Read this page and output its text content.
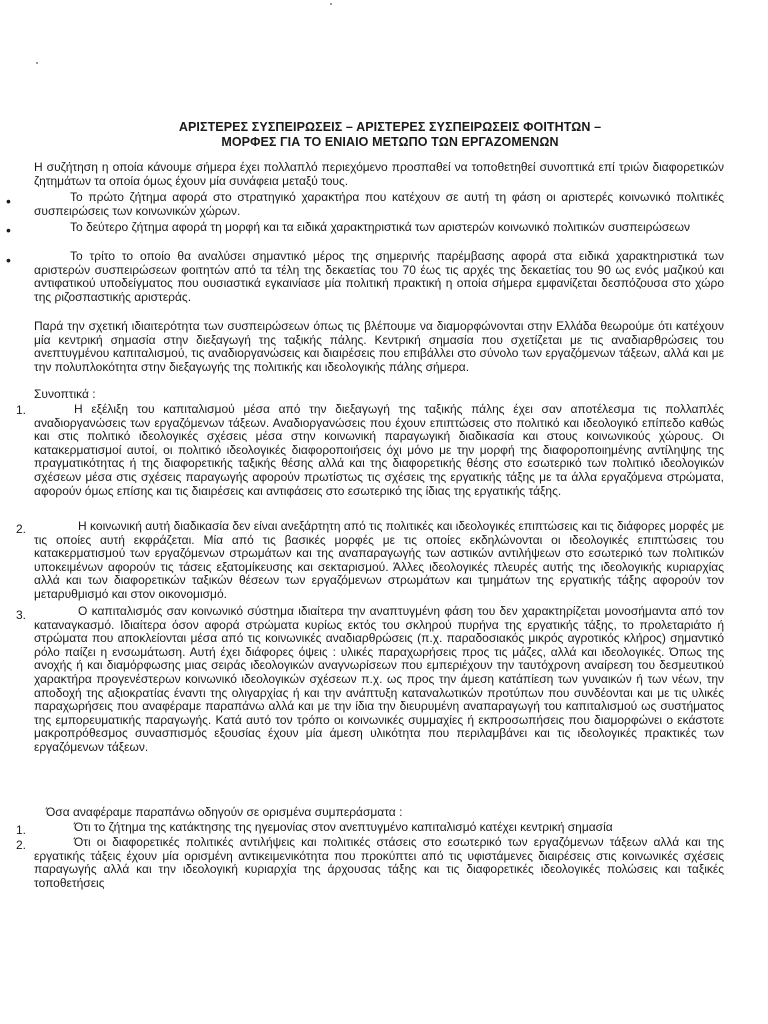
ΑΡΙΣΤΕΡΕΣ ΣΥΣΠΕΙΡΩΣΕΙΣ – ΑΡΙΣΤΕΡΕΣ ΣΥΣΠΕΙΡΩΣΕΙΣ ΦΟΙΤΗΤΩΝ –
ΜΟΡΦΕΣ ΓΙΑ ΤΟ ΕΝΙΑΙΟ ΜΕΤΩΠΟ ΤΩΝ ΕΡΓΑΖΟΜΕΝΩΝ
Η συζήτηση η οποία κάνουμε σήμερα έχει πολλαπλό περιεχόμενο προσπαθεί να τοποθετηθεί συνοπτικά επί τριών διαφορετικών ζητημάτων τα οποία όμως έχουν μία συνάφεια μεταξύ τους.
•	Το πρώτο ζήτημα αφορά στο στρατηγικό χαρακτήρα που κατέχουν σε αυτή τη φάση οι αριστερές κοινωνικό πολιτικές συσπειρώσεις των κοινωνικών χώρων.
•	Το δεύτερο ζήτημα αφορά τη μορφή και τα ειδικά χαρακτηριστικά των αριστερών κοινωνικό πολιτικών συσπειρώσεων
•	Το τρίτο το οποίο θα αναλύσει σημαντικό μέρος της σημερινής παρέμβασης αφορά στα ειδικά χαρακτηριστικά των αριστερών συσπειρώσεων φοιτητών από τα τέλη της δεκαετίας του 70 έως τις αρχές της δεκαετίας του 90 ως ενός μαζικού και αντιφατικού υποδείγματος που ουσιαστικά εγκαινίασε μία πολιτική πρακτική η οποία σήμερα εμφανίζεται δεσπόζουσα στο χώρο της ριζοσπαστικής αριστεράς.
Παρά την σχετική ιδιαιτερότητα των συσπειρώσεων όπως τις βλέπουμε να διαμορφώνονται στην Ελλάδα θεωρούμε ότι κατέχουν μία κεντρική σημασία στην διεξαγωγή της ταξικής πάλης. Κεντρική σημασία που σχετίζεται με τις αναδιαρθρώσεις του ανεπτυγμένου καπιταλισμού, τις αναδιοργανώσεις και διαιρέσεις που επιβάλλει στο σύνολο των εργαζόμενων τάξεων, αλλά και με την πολυπλοκότητα στην διεξαγωγής της πολιτικής και ιδεολογικής πάλης σήμερα.
Συνοπτικά :
1.	Η εξέλιξη του καπιταλισμού μέσα από την διεξαγωγή της ταξικής πάλης έχει σαν αποτέλεσμα τις πολλαπλές αναδιοργανώσεις των εργαζόμενων τάξεων. Αναδιοργανώσεις που έχουν επιπτώσεις στο πολιτικό και ιδεολογικό επίπεδο καθώς και στις πολιτικό ιδεολογικές σχέσεις μέσα στην κοινωνική παραγωγική διαδικασία και στους κοινωνικούς χώρους. Οι κατακερματισμοί αυτοί, οι πολιτικό ιδεολογικές διαφοροποιήσεις όχι μόνο με την μορφή της διαφοροποιημένης αντίληψης της πραγματικότητας ή της διαφορετικής ταξικής θέσης αλλά και της διαφορετικής θέσης στο εσωτερικό των πολιτικό ιδεολογικών σχέσεων μέσα στις σχέσεις παραγωγής αφορούν πρωτίστως τις σχέσεις της εργατικής τάξης με τα άλλα εργαζόμενα στρώματα, αφορούν όμως επίσης και τις διαιρέσεις και αντιφάσεις στο εσωτερικό της ίδιας της εργατικής τάξης.
2.	Η κοινωνική αυτή διαδικασία δεν είναι ανεξάρτητη από τις πολιτικές και ιδεολογικές επιπτώσεις και τις διάφορες μορφές με τις οποίες αυτή εκφράζεται. Μία από τις βασικές μορφές με τις οποίες εκδηλώνονται οι ιδεολογικές επιπτώσεις του κατακερματισμού των εργαζόμενων στρωμάτων και της αναπαραγωγής των αστικών αντιλήψεων στο εσωτερικό των πολιτικών υποκειμένων αφορούν τις τάσεις εξατομίκευσης και σεκταρισμού. Άλλες ιδεολογικές πλευρές αυτής της ιδεολογικής κυριαρχίας αλλά και των διαφορετικών ταξικών θέσεων των εργαζόμενων στρωμάτων και τμημάτων της εργατικής τάξης αφορούν τον μεταρυθμισμό και στον οικονομισμό.
3.	Ο καπιταλισμός σαν κοινωνικό σύστημα ιδιαίτερα την αναπτυγμένη φάση του δεν χαρακτηρίζεται μονοσήμαντα από τον καταναγκασμό. Ιδιαίτερα όσον αφορά στρώματα κυρίως εκτός του σκληρού πυρήνα της εργατικής τάξης, το προλεταριάτο ή στρώματα που αποκλείονται μέσα από τις κοινωνικές αναδιαρθρώσεις (π.χ. παραδοσιακός μικρός αγροτικός κλήρος) σημαντικό ρόλο παίζει η ενσωμάτωση. Αυτή έχει διάφορες όψεις : υλικές παραχωρήσεις προς τις μάζες, αλλά και ιδεολογικές. Όπως της ανοχής ή και διαμόρφωσης μιας σειράς ιδεολογικών αναγνωρίσεων που εμπεριέχουν την ταυτόχρονη αναίρεση του δεσμευτικού χαρακτήρα προγενέστερων κοινωνικό ιδεολογικών σχέσεων π.χ. ως προς την άμεση κατάπίεση των γυναικών ή των νέων, την αποδοχή της αξιοκρατίας έναντι της ολιγαρχίας ή και την ανάπτυξη καταναλωτικών προτύπων που συνδέονται και με τις υλικές παραχωρήσεις που αναφέραμε παραπάνω αλλά και με την ίδια την διευρυμένη αναπαραγωγή του καπιταλισμού ως συστήματος της εμπορευματικής παραγωγής. Κατά αυτό τον τρόπο οι κοινωνικές συμμαχίες ή εκπροσωπήσεις που διαμορφώνει ο εκάστοτε μακροπρόθεσμος συνασπισμός εξουσίας έχουν μία άμεση υλικότητα που περιλαμβάνει και τις ιδεολογικές πρακτικές των εργαζόμενων τάξεων.
Όσα αναφέραμε παραπάνω οδηγούν σε ορισμένα συμπεράσματα :
1.	Ότι το ζήτημα της κατάκτησης της ηγεμονίας στον ανεπτυγμένο καπιταλισμό κατέχει κεντρική σημασία
2.	Ότι οι διαφορετικές πολιτικές αντιλήψεις και πολιτικές στάσεις στο εσωτερικό των εργαζόμενων τάξεων αλλά και της εργατικής τάξεις έχουν μία ορισμένη αντικειμενικότητα που προκύπτει από τις υφιστάμενες διαιρέσεις στις κοινωνικές σχέσεις παραγωγής αλλά και την ιδεολογική κυριαρχία της άρχουσας τάξης και τις διαφορετικές ιδεολογικές πολώσεις και ταξικές τοποθετήσεις
